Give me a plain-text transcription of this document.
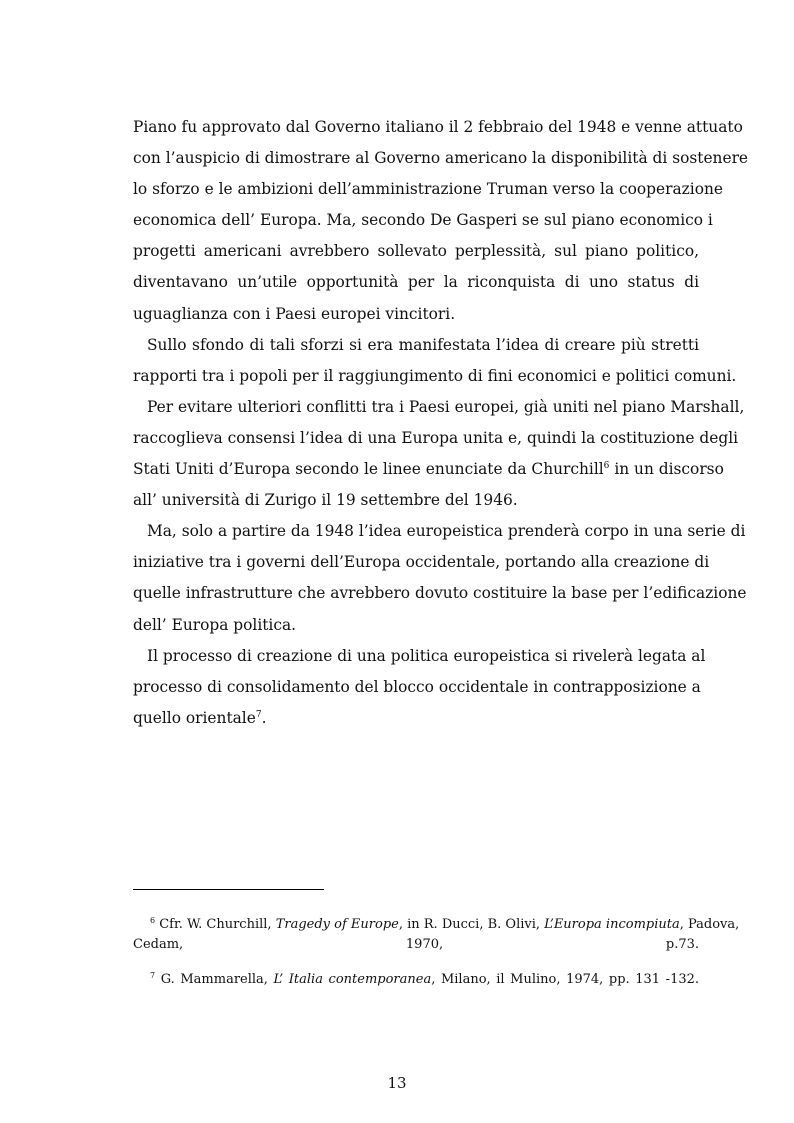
Piano fu approvato dal Governo italiano il 2 febbraio del 1948 e venne attuato
con l’auspicio di dimostrare al Governo americano la disponibilità di sostenere
lo sforzo e le ambizioni dell’amministrazione Truman verso la cooperazione
economica dell’ Europa. Ma, secondo De Gasperi se sul piano economico i
progetti americani avrebbero sollevato perplessità, sul piano politico,
diventavano un’utile opportunità per la riconquista di uno status di
uguaglianza con i Paesi europei vincitori.
Sullo sfondo di tali sforzi si era manifestata l’idea di creare più stretti
rapporti tra i popoli per il raggiungimento di fini economici e politici comuni.
Per evitare ulteriori conflitti tra i Paesi europei, già uniti nel piano Marshall,
raccoglieva consensi l’idea di una Europa unita e, quindi la costituzione degli
Stati Uniti d’Europa secondo le linee enunciate da Churchill$^6$ in un discorso
all’ università di Zurigo il 19 settembre del 1946.
Ma, solo a partire da 1948 l’idea europeistica prenderà corpo in una serie di
iniziative tra i governi dell’Europa occidentale, portando alla creazione di
quelle infrastrutture che avrebbero dovuto costituire la base per l’edificazione
dell’ Europa politica.
Il processo di creazione di una politica europeistica si rivelerà legata al
processo di consolidamento del blocco occidentale in contrapposizione a
quello orientale$^7$.
$^6$ Cfr. W. Churchill, Tragedy of Europe, in R. Ducci, B. Olivi, L’Europa incompiuta, Padova,
Cedam, 1970, p.73.
$^7$ G. Mammarella, L’ Italia contemporanea, Milano, il Mulino, 1974, pp. 131 -132.
13
